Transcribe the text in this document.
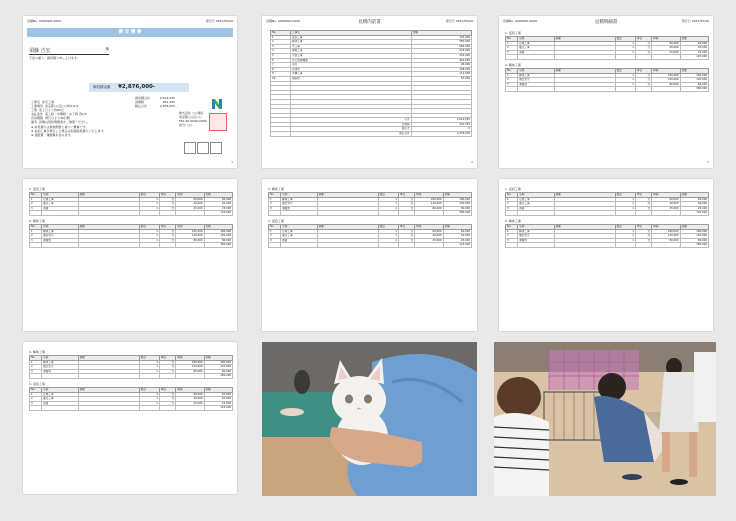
見積No. 0000000-0000	発行日 2021/05/00
御 見 積 書
須藤 吉宏	様
下記の通り、御見積り申し上げます。
御見積金額 ¥2,876,000-
御見積合計	2,614,545
消費税	261,455
税込合計	2,876,000
工事名 住宅工事
工事場所 東京都○○区○○町0-0-0
工期 着工日より約60日
支払条件 着工時・中間時・完了時 各1/3
有効期限 発行日より30日間
備考 詳細は別紙明細書をご参照ください。
※ 本見積りは現地調査に基づく概算です。
※ 追加工事が発生した場合は別途御見積りいたします。
※ 諸経費・運搬費を含みます。
株式会社 ○○建設
東京都○○区○○
TEL 00-0000-0000
担当: ○○
1
見積No. 0000000-0000	発行日 2021/05/00
見積内訳書
No.	工事名	金額
1	仮設工事	125,000
2	解体工事	380,000
3	木工事	684,500
4	屋根工事	218,000
5	内装工事	342,000
6	住宅設備機器	461,545
7	電気	96,000
8	給排水	128,000
9	外構工事	112,500
10	諸経費	67,000

	小計	2,614,545
	消費税	261,455
	値引き	0
	税込合計	2,876,000
2
見積No. 0000000-0000	発行日 2021/05/00
見積明細書
1. 仮設工事
No.	名称	摘要	数量	単位	単価	金額
1	足場工事		1	式	60,000	60,000
2	養生工事		1	式	40,000	40,000
3	清掃		1	式	25,000	25,000
						125,000
2. 解体工事
No.	名称	摘要	数量	単位	単価	金額
1	解体工事		1	式	180,000	180,000
2	撤去処分		1	式	120,000	120,000
3	運搬費		1	式	80,000	80,000
						380,000
3
1. 仮設工事
No.	名称	摘要	数量	単位	単価	金額
1	足場工事		1	式	60,000	60,000
2	養生工事		1	式	40,000	40,000
3	清掃		1	式	25,000	25,000
						125,000
2. 解体工事
No.	名称	摘要	数量	単位	単価	金額
1	解体工事		1	式	180,000	180,000
2	撤去処分		1	式	120,000	120,000
3	運搬費		1	式	80,000	80,000
						380,000
2. 解体工事
No.	名称	摘要	数量	単位	単価	金額
1	解体工事		1	式	180,000	180,000
2	撤去処分		1	式	120,000	120,000
3	運搬費		1	式	80,000	80,000
						380,000
1. 仮設工事
No.	名称	摘要	数量	単位	単価	金額
1	足場工事		1	式	60,000	60,000
2	養生工事		1	式	40,000	40,000
3	清掃		1	式	25,000	25,000
						125,000
1. 仮設工事
No.	名称	摘要	数量	単位	単価	金額
1	足場工事		1	式	60,000	60,000
2	養生工事		1	式	40,000	40,000
3	清掃		1	式	25,000	25,000
						125,000
2. 解体工事
No.	名称	摘要	数量	単位	単価	金額
1	解体工事		1	式	180,000	180,000
2	撤去処分		1	式	120,000	120,000
3	運搬費		1	式	80,000	80,000
						380,000
2. 解体工事
No.	名称	摘要	数量	単位	単価	金額
1	解体工事		1	式	180,000	180,000
2	撤去処分		1	式	120,000	120,000
3	運搬費		1	式	80,000	80,000
						380,000
1. 仮設工事
No.	名称	摘要	数量	単位	単価	金額
1	足場工事		1	式	60,000	60,000
2	養生工事		1	式	40,000	40,000
3	清掃		1	式	25,000	25,000
						125,000
